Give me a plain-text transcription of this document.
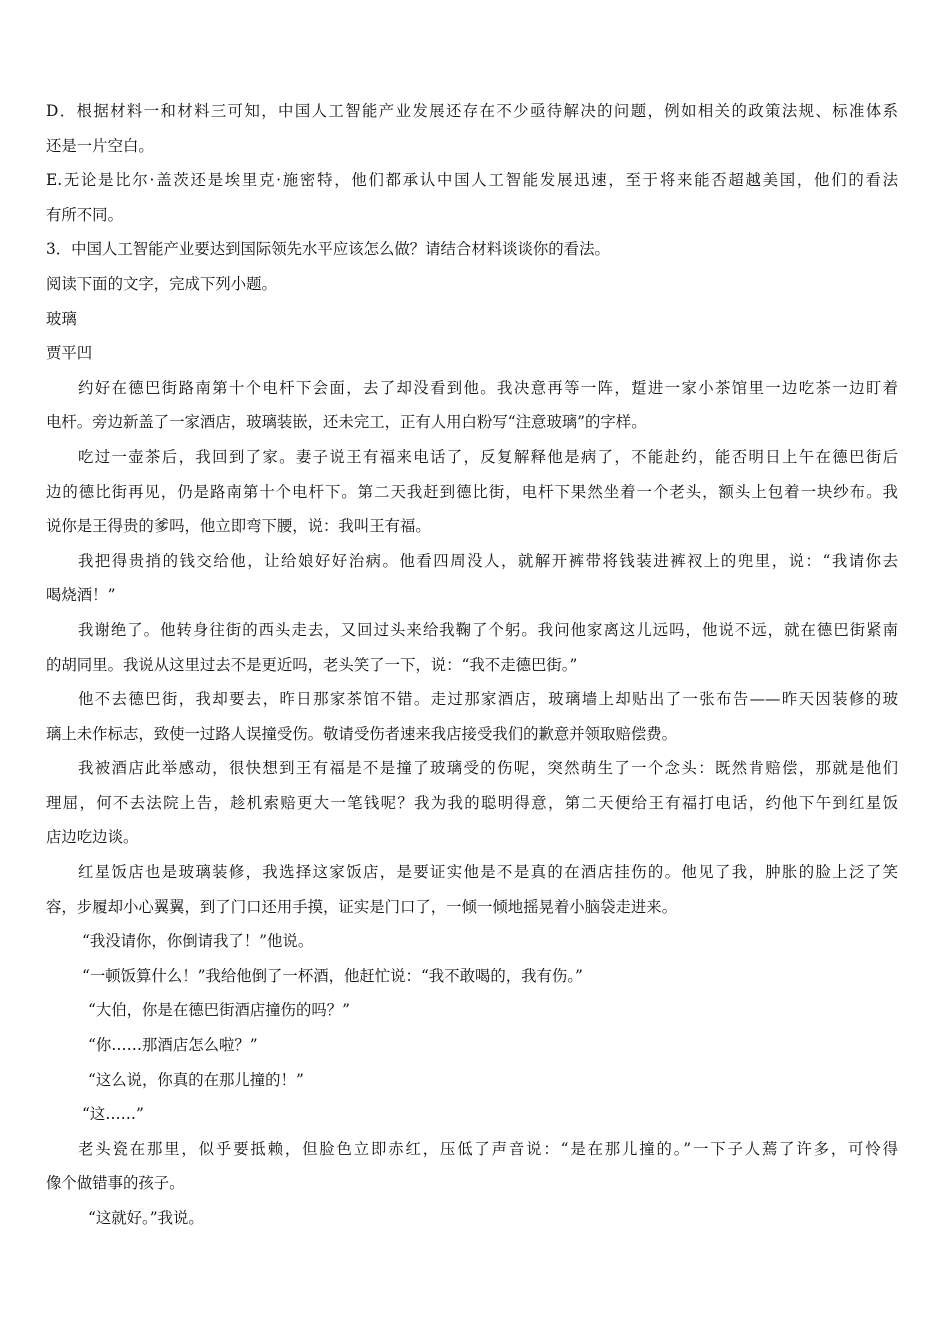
D．根据材料一和材料三可知，中国人工智能产业发展还存在不少亟待解决的问题，例如相关的政策法规、标准体系
还是一片空白。
E.无论是比尔·盖茨还是埃里克·施密特，他们都承认中国人工智能发展迅速，至于将来能否超越美国，他们的看法
有所不同。
3．中国人工智能产业要达到国际领先水平应该怎么做？请结合材料谈谈你的看法。
阅读下面的文字，完成下列小题。
玻璃
贾平凹
约好在德巴街路南第十个电杆下会面，去了却没看到他。我决意再等一阵，踅进一家小茶馆里一边吃茶一边盯着
电杆。旁边新盖了一家酒店，玻璃装嵌，还未完工，正有人用白粉写“注意玻璃”的字样。
吃过一壶茶后，我回到了家。妻子说王有福来电话了，反复解释他是病了，不能赴约，能否明日上午在德巴街后
边的德比街再见，仍是路南第十个电杆下。第二天我赶到德比街，电杆下果然坐着一个老头，额头上包着一块纱布。我
说你是王得贵的爹吗，他立即弯下腰，说：我叫王有福。
我把得贵捎的钱交给他，让给娘好好治病。他看四周没人，就解开裤带将钱装进裤衩上的兜里，说：“我请你去
喝烧酒！”
我谢绝了。他转身往街的西头走去，又回过头来给我鞠了个躬。我问他家离这儿远吗，他说不远，就在德巴街紧南
的胡同里。我说从这里过去不是更近吗，老头笑了一下，说：“我不走德巴街。”
他不去德巴街，我却要去，昨日那家茶馆不错。走过那家酒店，玻璃墙上却贴出了一张布告——昨天因装修的玻
璃上未作标志，致使一过路人误撞受伤。敬请受伤者速来我店接受我们的歉意并领取赔偿费。
我被酒店此举感动，很快想到王有福是不是撞了玻璃受的伤呢，突然萌生了一个念头：既然肯赔偿，那就是他们
理屈，何不去法院上告，趁机索赔更大一笔钱呢？我为我的聪明得意，第二天便给王有福打电话，约他下午到红星饭
店边吃边谈。
红星饭店也是玻璃装修，我选择这家饭店，是要证实他是不是真的在酒店挂伤的。他见了我，肿胀的脸上泛了笑
容，步履却小心翼翼，到了门口还用手摸，证实是门口了，一倾一倾地摇晃着小脑袋走进来。
“我没请你，你倒请我了！”他说。
“一顿饭算什么！”我给他倒了一杯酒，他赶忙说：“我不敢喝的，我有伤。”
“大伯，你是在德巴街酒店撞伤的吗？”
“你……那酒店怎么啦？”
“这么说，你真的在那儿撞的！”
“这……”
老头瓷在那里，似乎要抵赖，但脸色立即赤红，压低了声音说：“是在那儿撞的。”一下子人蔫了许多，可怜得
像个做错事的孩子。
“这就好。”我说。
